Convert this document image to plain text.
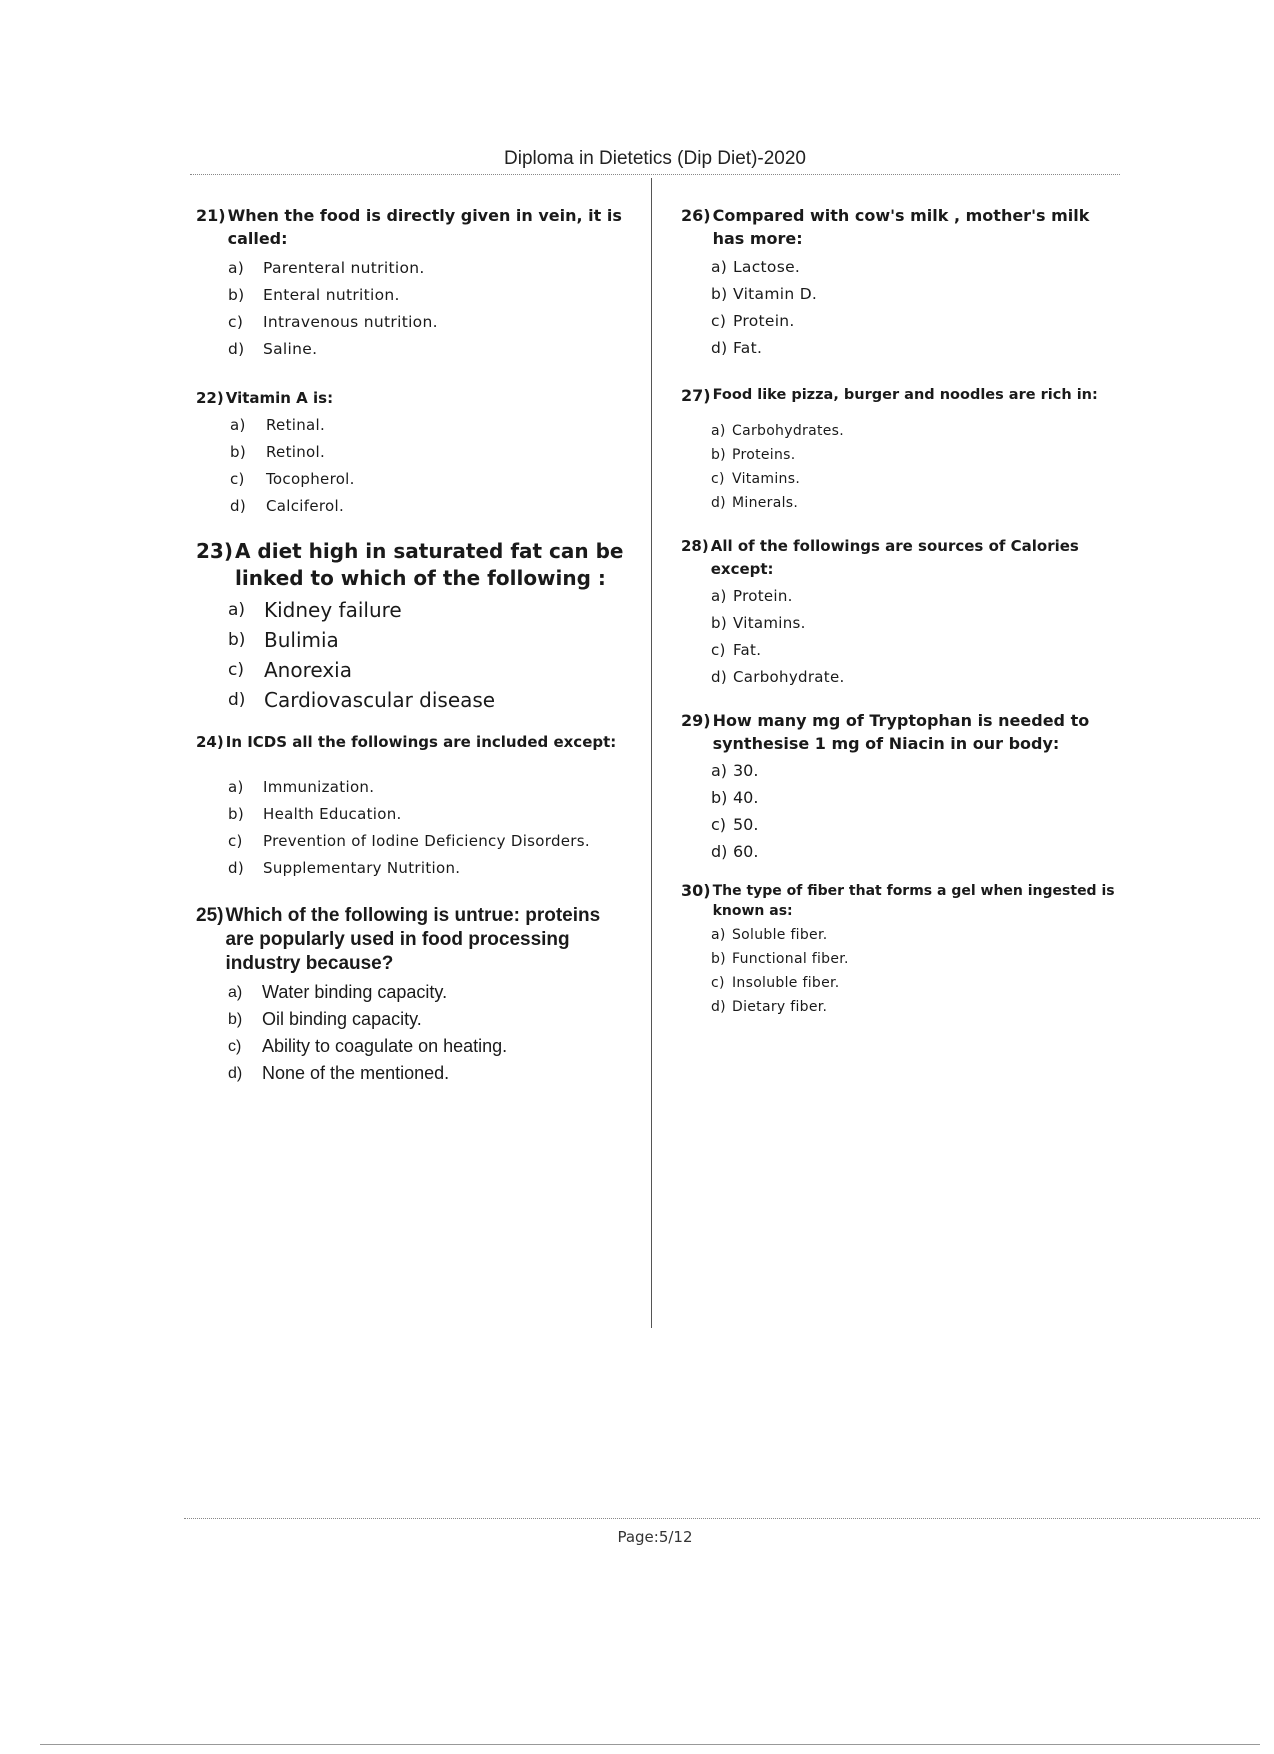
Diploma in Dietetics (Dip Diet)-2020
21) When the food is directly given in vein, it is called:
a)	Parenteral nutrition.
b)	Enteral nutrition.
c)	Intravenous nutrition.
d)	Saline.
22) Vitamin A is:
a)	Retinal.
b)	Retinol.
c)	Tocopherol.
d)	Calciferol.
23) A diet high in saturated fat can be linked to which of the following :
a) Kidney failure
b) Bulimia
c)	Anorexia
d) Cardiovascular disease
24) In ICDS all the followings are included except:
a)	Immunization.
b)	Health Education.
c)	Prevention of Iodine Deficiency Disorders.
d)	Supplementary Nutrition.
25) Which of the following is untrue: proteins are popularly used in food processing industry because?
a)	Water binding capacity.
b)	Oil binding capacity.
c)	Ability to coagulate on heating.
d)	None of the mentioned.
26) Compared with cow's milk , mother's milk has more:
a) Lactose.
b) Vitamin D.
c) Protein.
d) Fat.
27) Food like pizza, burger and noodles are rich in:
a) Carbohydrates.
b) Proteins.
c) Vitamins.
d) Minerals.
28) All of the followings are sources of Calories except:
a) Protein.
b) Vitamins.
c) Fat.
d) Carbohydrate.
29) How many mg of Tryptophan is needed to synthesise 1 mg of Niacin in our body:
a) 30.
b) 40.
c) 50.
d) 60.
30) The type of fiber that forms a gel when ingested is known as:
a) Soluble fiber.
b) Functional fiber.
c) Insoluble fiber.
d) Dietary fiber.
Page:5/12
